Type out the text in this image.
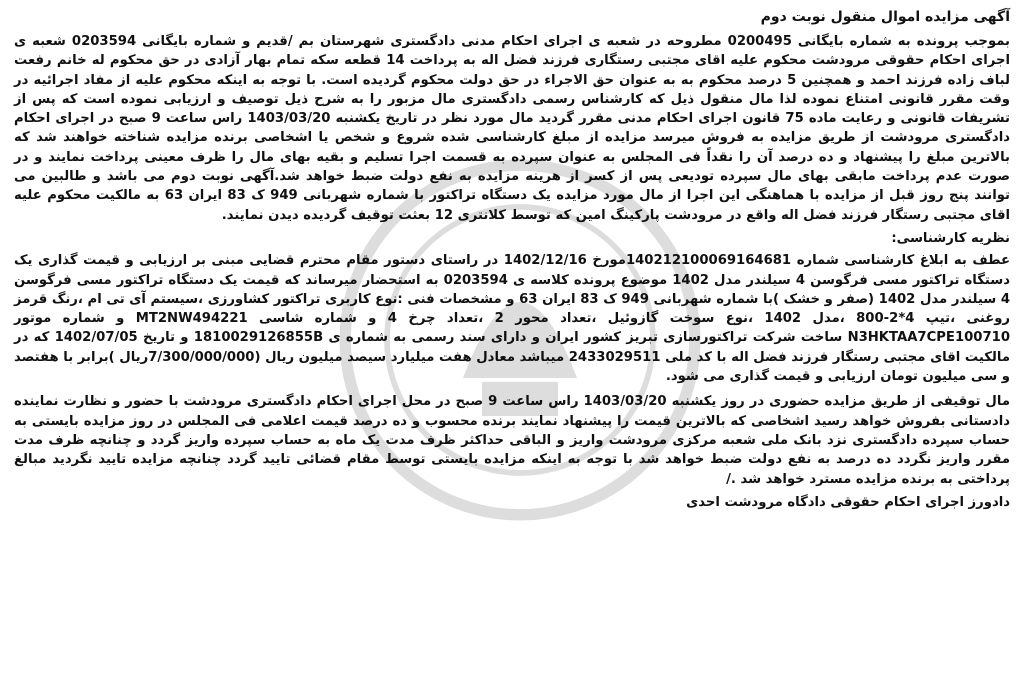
آگهی مزایده اموال منقول نوبت دوم

بموجب پرونده به شماره بایگانی 0200495 مطروحه در شعبه ی اجرای احکام مدنی دادگستری شهرستان بم /قدیم و شماره بایگانی 0203594 شعبه ی اجرای احکام حقوقی مرودشت محکوم علیه اقای مجتبی رستگاری فرزند فضل اله به پرداخت 14 قطعه سکه تمام بهار آزادی در حق محکوم له خانم رفعت لباف زاده فرزند احمد و همچنین 5 درصد محکوم به به عنوان حق الاجراء در حق دولت محکوم گردیده است. با توجه به اینکه محکوم علیه از مفاد اجرائیه در وقت مقرر قانونی امتناع نموده لذا مال منقول ذیل که کارشناس رسمی دادگستری مال مزبور را به شرح ذیل توصیف و ارزیابی نموده است که پس از تشریفات قانونی و رعایت ماده 75 قانون اجرای احکام مدنی مقرر گردید مال مورد نظر در تاریخ یکشنبه 1403/03/20 راس ساعت 9 صبح در اجرای احکام دادگستری مرودشت از طریق مزایده به فروش میرسد مزایده از مبلغ کارشناسی شده شروع و شخص یا اشخاصی برنده مزایده شناخته خواهند شد که بالاترین مبلغ را پیشنهاد و ده درصد آن را نقداً فی المجلس به عنوان سپرده به قسمت اجرا تسلیم و بقیه بهای مال را ظرف معینی پرداخت نمایند و در صورت عدم پرداخت مابقی بهای مال سپرده تودیعی پس از کسر از هرینه مزایده به نفع دولت ضبط خواهد شد.آگهی نوبت دوم می باشد و طالبین می توانند پنج روز قبل از مزایده با هماهنگی این اجرا از مال مورد مزایده یک دستگاه تراکتور با شماره شهربانی 949 ک 83 ایران 63 به مالکیت محکوم علیه اقای مجتبی رستگار فرزند فضل اله واقع در مرودشت پارکینگ امین که توسط کلانتری 12 بعثت توقیف گردیده دیدن نمایند.

نظریه کارشناسی:

عطف به ابلاغ کارشناسی شماره 140212100069164681مورخ 1402/12/16 در راستای دستور مقام محترم قضایی مبنی بر ارزیابی و قیمت گذاری یک دستگاه تراکتور مسی فرگوسن 4 سیلندر مدل 1402 موضوع پرونده کلاسه ی 0203594 به استحضار میرساند که قیمت یک دستگاه تراکتور مسی فرگوسن 4 سیلندر مدل 1402 (صفر و خشک )با شماره شهربانی 949 ک 83 ایران 63 و مشخصات فنی :نوع کاربری تراکتور کشاورزی ،سیستم آی تی ام ،رنگ قرمز روغنی ،تیپ 4*2-800 ،مدل 1402 ،نوع سوخت گازوئیل ،تعداد محور 2 ،تعداد چرخ 4 و شماره شاسی MT2NW494221 و شماره موتور N3HKTAA7CPE100710 ساخت شرکت تراکتورسازی تبریز کشور ایران و دارای سند رسمی به شماره ی 1810029126855B و تاریخ 1402/07/05 که در مالکیت اقای مجتبی رستگار فرزند فضل اله با کد ملی 2433029511 میباشد معادل هفت میلیارد سیصد میلیون ریال (7/300/000/000ریال )برابر با هفتصد و سی میلیون تومان ارزیابی و قیمت گذاری می شود.

مال توقیفی از طریق مزایده حضوری در روز یکشنبه 1403/03/20 راس ساعت 9 صبح در محل اجرای احکام دادگستری مرودشت با حضور و نظارت نماینده دادستانی بفروش خواهد رسید اشخاصی که بالاترین قیمت را پیشنهاد نمایند برنده محسوب و ده درصد قیمت اعلامی فی المجلس در روز مزایده بایستی به حساب سپرده دادگستری نزد بانک ملی شعبه مرکزی مرودشت واریز و الباقی حداکثر ظرف مدت یک ماه به حساب سپرده واریز گردد و چنانچه ظرف مدت مقرر واریز نگردد ده درصد به نفع دولت ضبط خواهد شد با توجه به اینکه مزایده بایستی توسط مقام قضائی تایید گردد چنانچه مزایده تایید نگردید مبالغ پرداختی به برنده مزایده مسترد خواهد شد ./

دادورز اجرای احکام حقوقی دادگاه مرودشت احدی
